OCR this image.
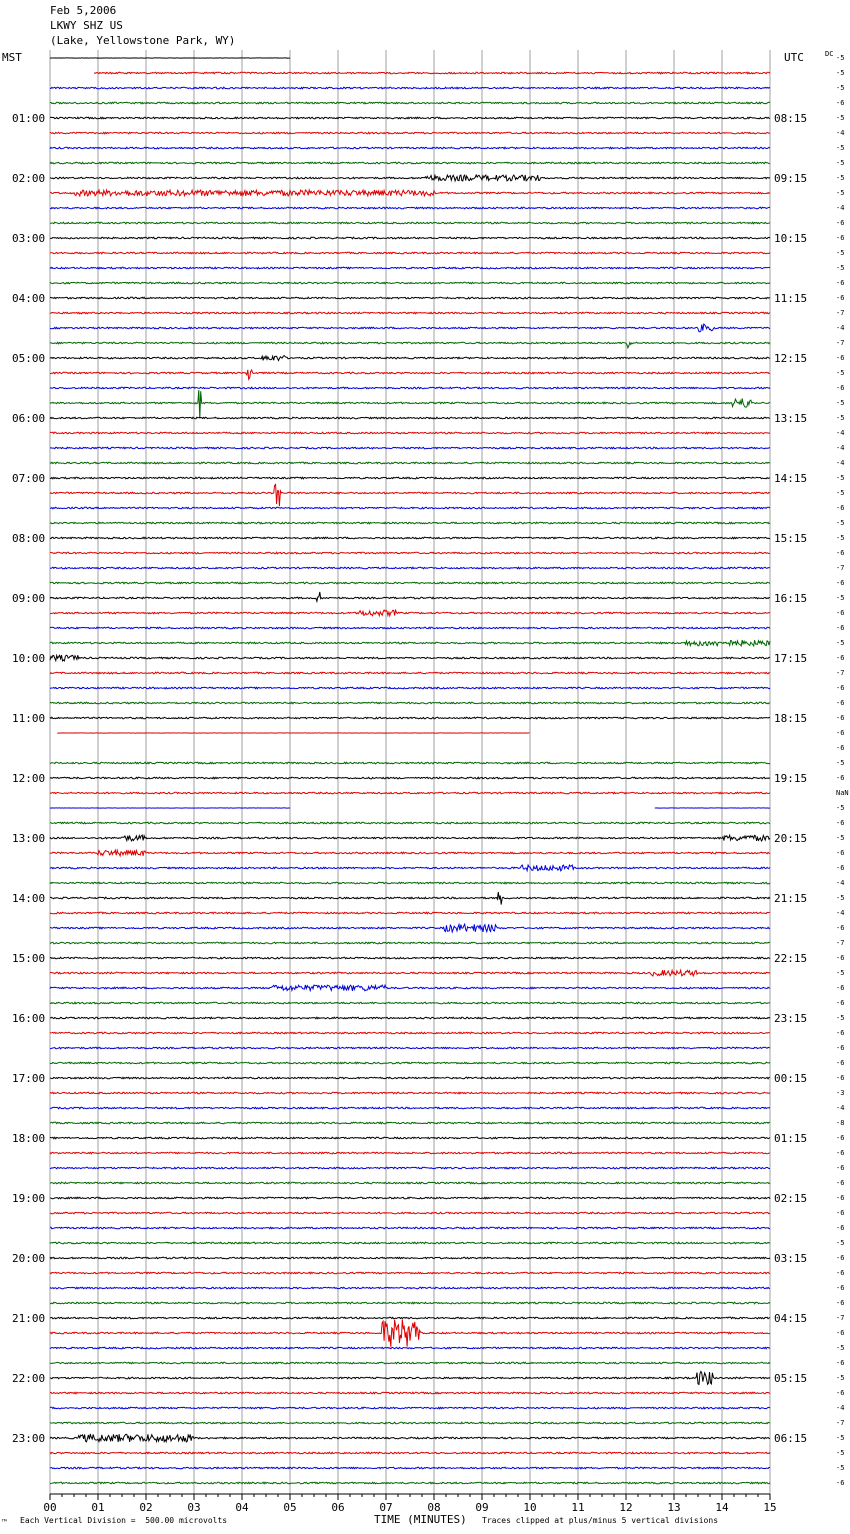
Feb 5,2006
LKWY SHZ US
(Lake, Yellowstone Park, WY)
01:00
02:00
03:00
04:00
05:00
06:00
07:00
08:00
09:00
10:00
11:00
12:00
13:00
14:00
15:00
16:00
17:00
18:00
19:00
20:00
21:00
22:00
23:00
08:15
09:15
10:15
11:15
12:15
13:15
14:15
15:15
16:15
17:15
18:15
19:15
20:15
21:15
22:15
23:15
00:15
01:15
02:15
03:15
04:15
05:15
06:15
-5
-5
-5
-6
-5
-4
-5
-5
-5
-5
-4
-6
-6
-5
-5
-6
-6
-7
-4
-7
-6
-5
-6
-5
-5
-4
-4
-4
-5
-5
-6
-5
-5
-6
-7
-6
-5
-6
-6
-5
-6
-7
-6
-6
-6
-6
-6
-5
-6
NaN
-5
-6
-5
-6
-6
-4
-5
-4
-6
-7
-6
-5
-6
-6
-5
-6
-6
-6
-6
-3
-4
-8
-6
-6
-6
-6
-6
-6
-6
-5
-6
-6
-6
-6
-7
-6
-5
-6
-5
-6
-4
-7
-5
-5
-5
-6
00	01	02	03	04	05	06	07	08	09	10	11	12	13	14	15
MST	UTC	DC
™ Each Vertical Division =  500.00 microvolts	TIME (MINUTES) Traces clipped at plus/minus 5 vertical divisions
